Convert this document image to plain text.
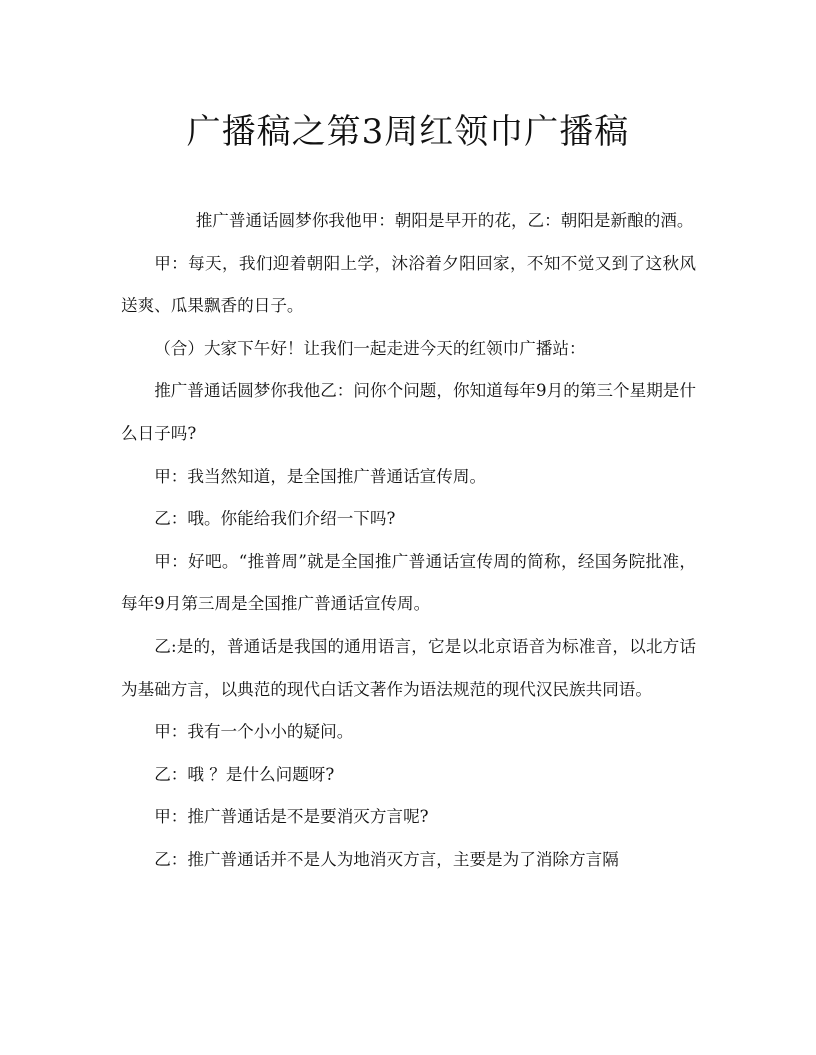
广播稿之第3周红领巾广播稿

推广普通话圆梦你我他甲：朝阳是早开的花，乙：朝阳是新酿的酒。

甲：每天，我们迎着朝阳上学，沐浴着夕阳回家，不知不觉又到了这秋风送爽、瓜果飘香的日子。

（合）大家下午好！让我们一起走进今天的红领巾广播站：

推广普通话圆梦你我他乙：问你个问题，你知道每年9月的第三个星期是什么日子吗?

甲：我当然知道，是全国推广普通话宣传周。

乙：哦。你能给我们介绍一下吗?

甲：好吧。“推普周”就是全国推广普通话宣传周的简称，经国务院批准，每年9月第三周是全国推广普通话宣传周。

乙:是的，普通话是我国的通用语言，它是以北京语音为标准音，以北方话为基础方言，以典范的现代白话文著作为语法规范的现代汉民族共同语。

甲：我有一个小小的疑问。

乙：哦 ？是什么问题呀?

甲：推广普通话是不是要消灭方言呢?

乙：推广普通话并不是人为地消灭方言，主要是为了消除方言隔
